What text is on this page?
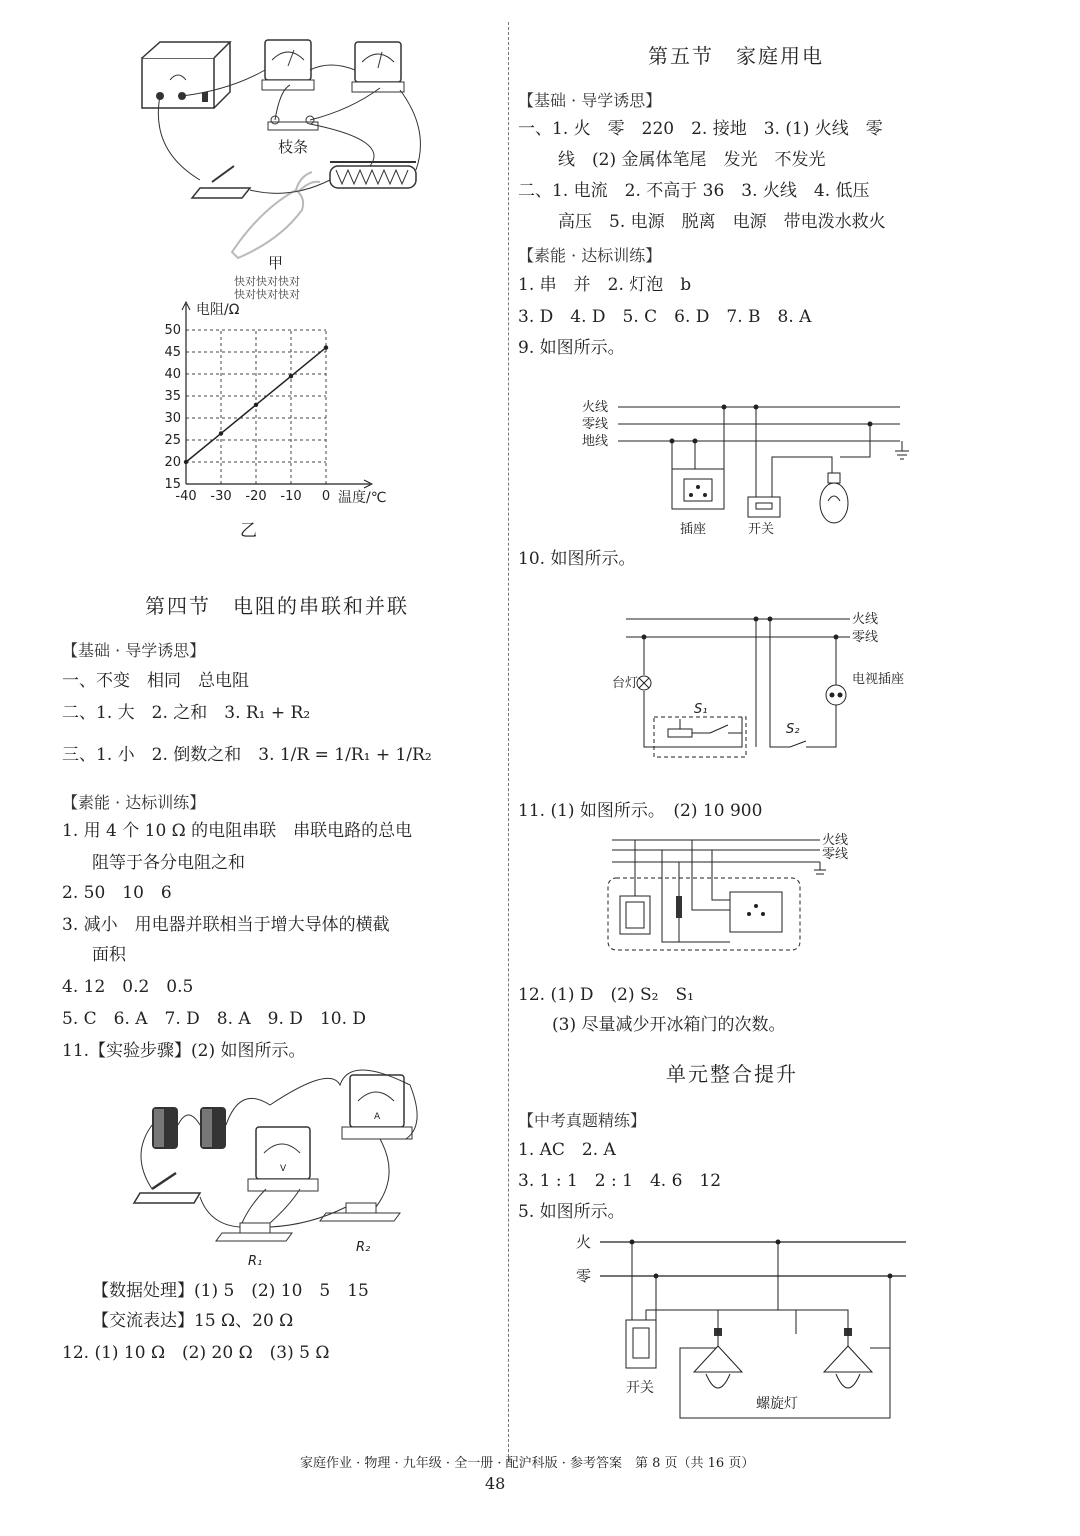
枝条
甲
快对快对快对
快对快对快对
15
20
25
30
35
40
45
50
-40 -30 -20 -10 0
电阻/Ω
温度/℃
乙
第四节　电阻的串联和并联
【基础 · 导学诱思】
一、不变　相同　总电阻
二、1. 大　2. 之和　3. R₁ + R₂
三、1. 小　2. 倒数之和　3. 1/R = 1/R₁ + 1/R₂
【素能 · 达标训练】
1. 用 4 个 10 Ω 的电阻串联　串联电路的总电
阻等于各分电阻之和
2. 50　10　6
3. 减小　用电器并联相当于增大导体的横截
面积
4. 12　0.2　0.5
5. C　6. A　7. D　8. A　9. D　10. D
11.【实验步骤】(2) 如图所示。
V
A
R₁
R₂
【数据处理】(1) 5　(2) 10　5　15
【交流表达】15 Ω、20 Ω
12. (1) 10 Ω　(2) 20 Ω　(3) 5 Ω
第五节　家庭用电
【基础 · 导学诱思】
一、1. 火　零　220　2. 接地　3. (1) 火线　零
线　(2) 金属体笔尾　发光　不发光
二、1. 电流　2. 不高于 36　3. 火线　4. 低压
高压　5. 电源　脱离　电源　带电泼水救火
【素能 · 达标训练】
1. 串　并　2. 灯泡　b
3. D　4. D　5. C　6. D　7. B　8. A
9. 如图所示。
火线
零线
地线
插座	开关
10. 如图所示。
火线
零线
台灯
S₁
S₂
电视插座
11. (1) 如图所示。　(2) 10 900
火线
零线
12. (1) D　(2) S₂　S₁
(3) 尽量减少开冰箱门的次数。
单元整合提升
【中考真题精练】
1. AC　2. A
3. 1 : 1　2 : 1　4. 6　12
5. 如图所示。
火
零
开关
螺旋灯
家庭作业 · 物理 · 九年级 · 全一册 · 配沪科版 · 参考答案　第 8 页（共 16 页）
48
